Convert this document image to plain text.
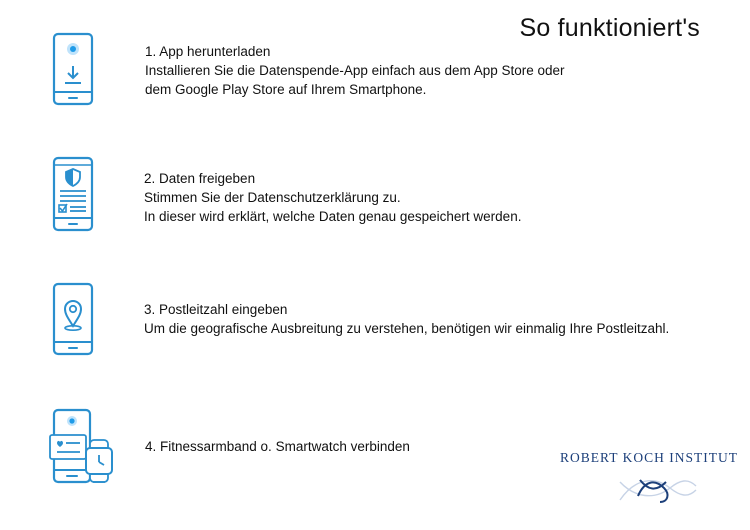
So funktioniert's
1. App herunterladen
Installieren Sie die Datenspende-App einfach aus dem App Store oder
dem Google Play Store auf Ihrem Smartphone.
2. Daten freigeben
Stimmen Sie der Datenschutzerklärung zu.
In dieser wird erklärt, welche Daten genau gespeichert werden.
3. Postleitzahl eingeben
Um die geografische Ausbreitung zu verstehen, benötigen wir einmalig Ihre Postleitzahl.
4. Fitnessarmband o. Smartwatch verbinden
ROBERT KOCH INSTITUT
